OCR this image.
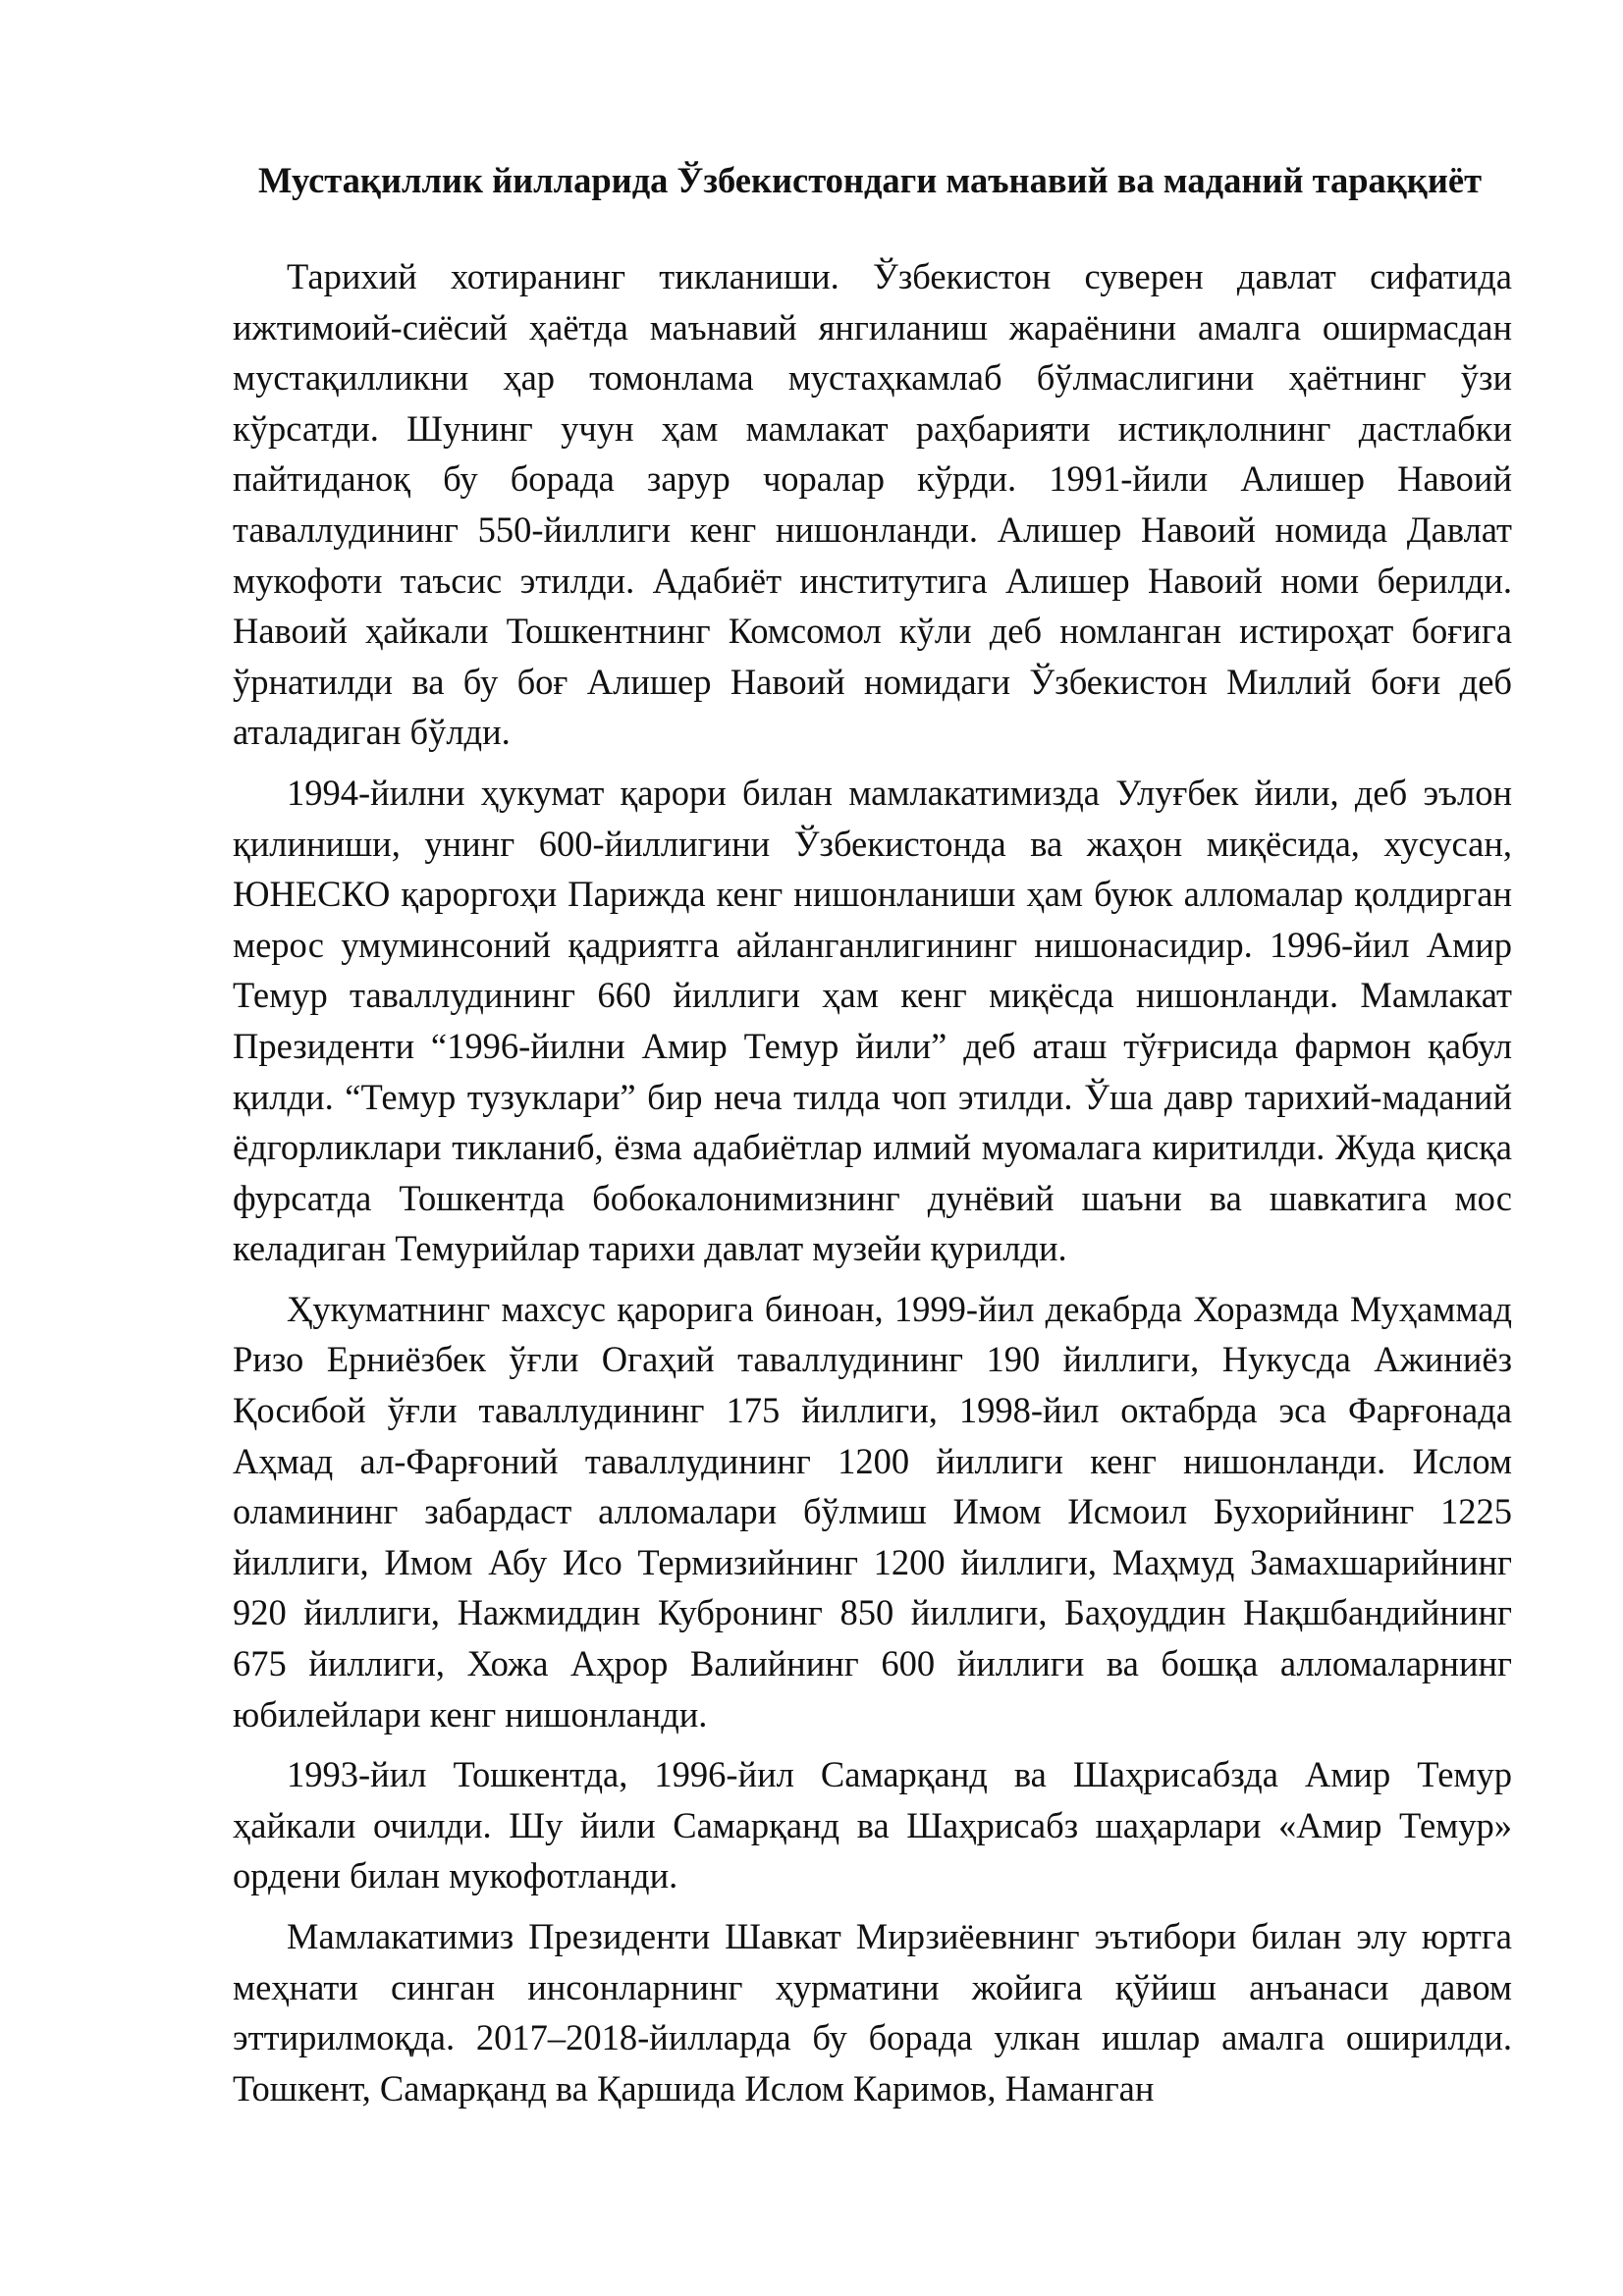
Мустақиллик йилларида Ўзбекистондаги маънавий ва маданий тараққиёт

Тарихий хотиранинг тикланиши. Ўзбекистон суверен давлат сифатида ижтимоий-сиёсий ҳаётда маънавий янгиланиш жараёнини амалга оширмасдан мустақилликни ҳар томонлама мустаҳкамлаб бўлмаслигини ҳаётнинг ўзи кўрсатди. Шунинг учун ҳам мамлакат раҳбарияти истиқлолнинг дастлабки пайтиданоқ бу борада зарур чоралар кўрди. 1991-йили Алишер Навоий таваллудининг 550-йиллиги кенг нишонланди. Алишер Навоий номида Давлат мукофоти таъсис этилди. Адабиёт институтига Алишер Навоий номи берилди. Навоий ҳайкали Тошкентнинг Комсомол кўли деб номланган истироҳат боғига ўрнатилди ва бу боғ Алишер Навоий номидаги Ўзбекистон Миллий боғи деб аталадиган бўлди.

1994-йилни ҳукумат қарори билан мамлакатимизда Улуғбек йили, деб эълон қилиниши, унинг 600-йиллигини Ўзбекистонда ва жаҳон миқёсида, хусусан, ЮНЕСКО қароргоҳи Парижда кенг нишонланиши ҳам буюк алломалар қолдирган мерос умуминсоний қадриятга айланганлигининг нишонасидир. 1996-йил Амир Темур таваллудининг 660 йиллиги ҳам кенг миқёсда нишонланди. Мамлакат Президенти “1996-йилни Амир Темур йили” деб аташ тўғрисида фармон қабул қилди. “Темур тузуклари” бир неча тилда чоп этилди. Ўша давр тарихий-маданий ёдгорликлари тикланиб, ёзма адабиётлар илмий муомалага киритилди. Жуда қисқа фурсатда Тошкентда бобокалонимизнинг дунёвий шаъни ва шавкатига мос келадиган Темурийлар тарихи давлат музейи қурилди.

Ҳукуматнинг махсус қарорига биноан, 1999-йил декабрда Хоразмда Муҳаммад Ризо Ерниёзбек ўғли Огаҳий таваллудининг 190 йиллиги, Нукусда Ажиниёз Қосибой ўғли таваллудининг 175 йиллиги, 1998-йил октабрда эса Фарғонада Аҳмад ал-Фарғоний таваллудининг 1200 йиллиги кенг нишонланди. Ислом оламининг забардаст алломалари бўлмиш Имом Исмоил Бухорийнинг 1225 йиллиги, Имом Абу Исо Термизийнинг 1200 йиллиги, Маҳмуд Замахшарийнинг 920 йиллиги, Нажмиддин Кубронинг 850 йиллиги, Баҳоуддин Нақшбандийнинг 675 йиллиги, Хожа Аҳрор Валийнинг 600 йиллиги ва бошқа алломаларнинг юбилейлари кенг нишонланди.

1993-йил Тошкентда, 1996-йил Самарқанд ва Шаҳрисабзда Амир Темур ҳайкали очилди. Шу йили Самарқанд ва Шаҳрисабз шаҳарлари «Амир Темур» ордени билан мукофотланди.

Мамлакатимиз Президенти Шавкат Мирзиёевнинг эътибори билан элу юртга меҳнати синган инсонларнинг ҳурматини жойига қўйиш анъанаси давом эттирилмоқда. 2017–2018-йилларда бу борада улкан ишлар амалга оширилди. Тошкент, Самарқанд ва Қаршида Ислом Каримов, Наманган
